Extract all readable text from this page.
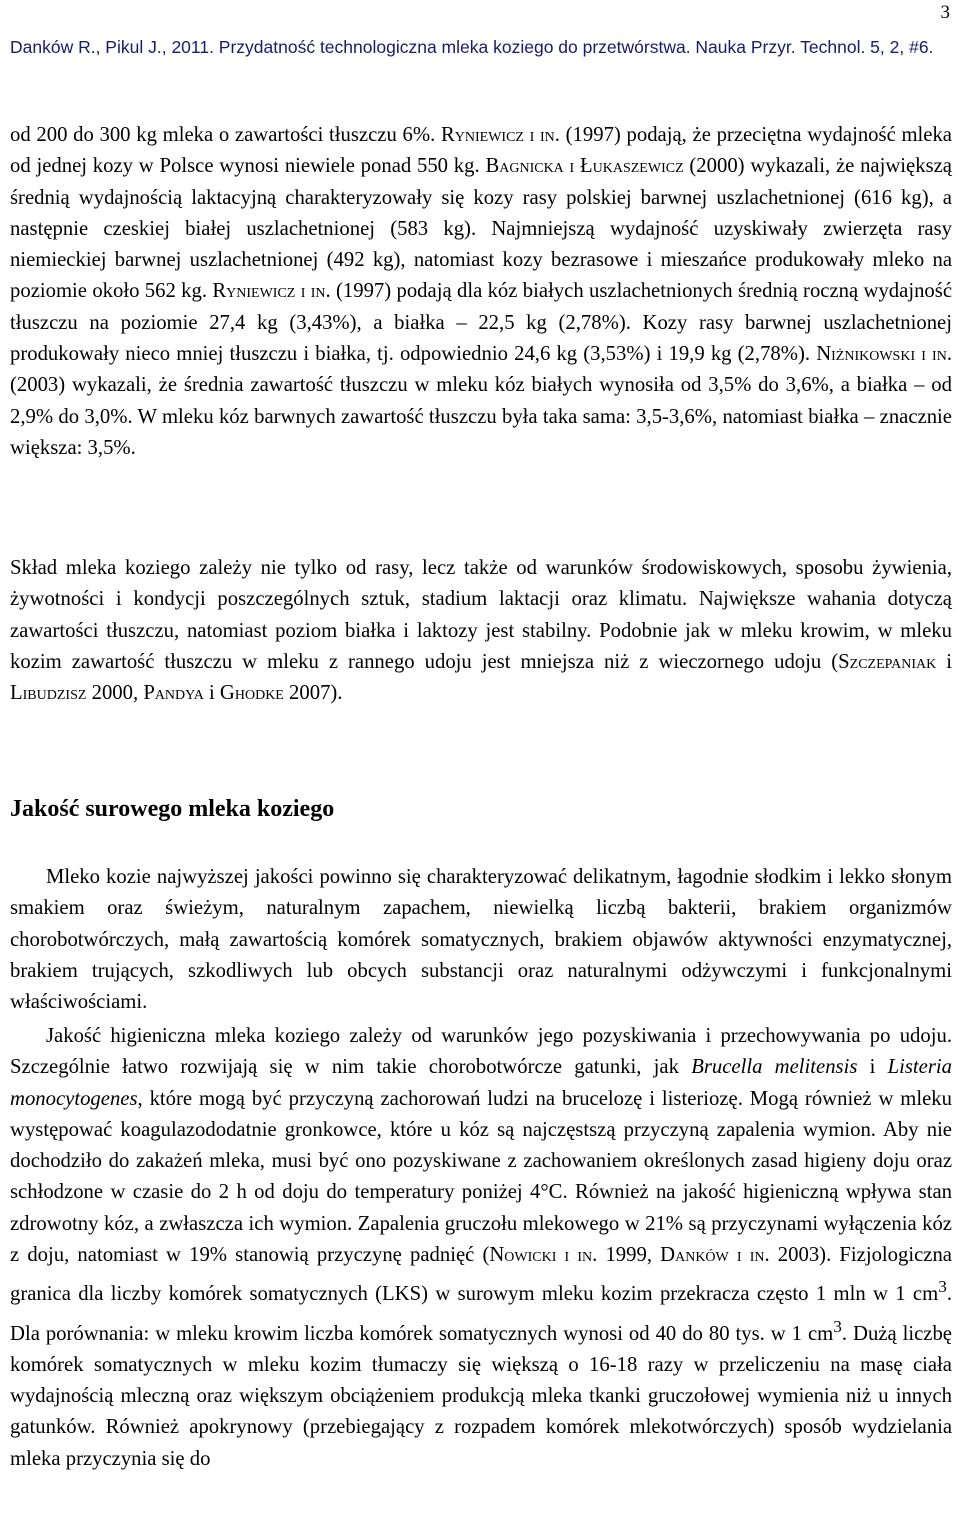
3
Danków R., Pikul J., 2011. Przydatność technologiczna mleka koziego do przetwórstwa. Nauka Przyr. Technol. 5, 2, #6.

od 200 do 300 kg mleka o zawartości tłuszczu 6%. Ryniewicz i in. (1997) podają, że przeciętna wydajność mleka od jednej kozy w Polsce wynosi niewiele ponad 550 kg. Bagnicka i Łukaszewicz (2000) wykazali, że największą średnią wydajnością laktacyjną charakteryzowały się kozy rasy polskiej barwnej uszlachetnionej (616 kg), a następnie czeskiej białej uszlachetnionej (583 kg). Najmniejszą wydajność uzyskiwały zwierzęta rasy niemieckiej barwnej uszlachetnionej (492 kg), natomiast kozy bezrasowe i mieszańce produkowały mleko na poziomie około 562 kg. Ryniewicz i in. (1997) podają dla kóz białych uszlachetnionych średnią roczną wydajność tłuszczu na poziomie 27,4 kg (3,43%), a białka – 22,5 kg (2,78%). Kozy rasy barwnej uszlachetnionej produkowały nieco mniej tłuszczu i białka, tj. odpowiednio 24,6 kg (3,53%) i 19,9 kg (2,78%). Niżnikowski i in. (2003) wykazali, że średnia zawartość tłuszczu w mleku kóz białych wynosiła od 3,5% do 3,6%, a białka – od 2,9% do 3,0%. W mleku kóz barwnych zawartość tłuszczu była taka sama: 3,5-3,6%, natomiast białka – znacznie większa: 3,5%.

Skład mleka koziego zależy nie tylko od rasy, lecz także od warunków środowiskowych, sposobu żywienia, żywotności i kondycji poszczególnych sztuk, stadium laktacji oraz klimatu. Największe wahania dotyczą zawartości tłuszczu, natomiast poziom białka i laktozy jest stabilny. Podobnie jak w mleku krowim, w mleku kozim zawartość tłuszczu w mleku z rannego udoju jest mniejsza niż z wieczornego udoju (Szczepaniak i Libudzisz 2000, Pandya i Ghodke 2007).

Jakość surowego mleka koziego

Mleko kozie najwyższej jakości powinno się charakteryzować delikatnym, łagodnie słodkim i lekko słonym smakiem oraz świeżym, naturalnym zapachem, niewielką liczbą bakterii, brakiem organizmów chorobotwórczych, małą zawartością komórek somatycznych, brakiem objawów aktywności enzymatycznej, brakiem trujących, szkodliwych lub obcych substancji oraz naturalnymi odżywczymi i funkcjonalnymi właściwościami.

Jakość higieniczna mleka koziego zależy od warunków jego pozyskiwania i przechowywania po udoju. Szczególnie łatwo rozwijają się w nim takie chorobotwórcze gatunki, jak Brucella melitensis i Listeria monocytogenes, które mogą być przyczyną zachorowań ludzi na brucelozę i listeriozę. Mogą również w mleku występować koagulazododatnie gronkowce, które u kóz są najczęstszą przyczyną zapalenia wymion. Aby nie dochodziło do zakażeń mleka, musi być ono pozyskiwane z zachowaniem określonych zasad higieny doju oraz schłodzone w czasie do 2 h od doju do temperatury poniżej 4°C. Również na jakość higieniczną wpływa stan zdrowotny kóz, a zwłaszcza ich wymion. Zapalenia gruczołu mlekowego w 21% są przyczynami wyłączenia kóz z doju, natomiast w 19% stanowią przyczynę padnięć (Nowicki i in. 1999, Danków i in. 2003). Fizjologiczna granica dla liczby komórek somatycznych (LKS) w surowym mleku kozim przekracza często 1 mln w 1 $cm^3$. Dla porównania: w mleku krowim liczba komórek somatycznych wynosi od 40 do 80 tys. w 1 $cm^3$. Dużą liczbę komórek somatycznych w mleku kozim tłumaczy się większą o 16-18 razy w przeliczeniu na masę ciała wydajnością mleczną oraz większym obciążeniem produkcją mleka tkanki gruczołowej wymienia niż u innych gatunków. Również apokrynowy (przebiegający z rozpadem komórek mlekotwórczych) sposób wydzielania mleka przyczynia się do
